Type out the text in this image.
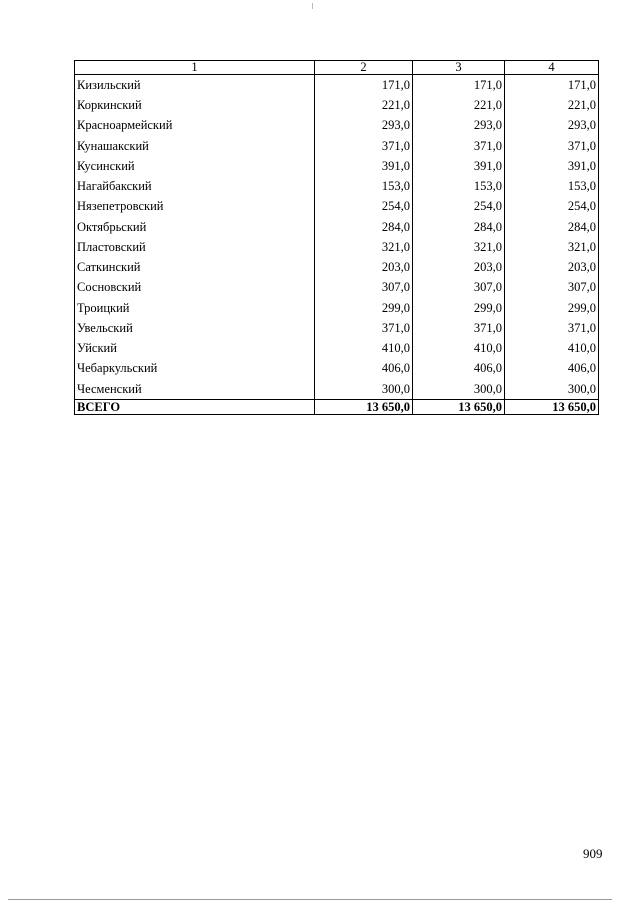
1	2	3	4
Кизильский	171,0	171,0	171,0
Коркинский	221,0	221,0	221,0
Красноармейский	293,0	293,0	293,0
Кунашакский	371,0	371,0	371,0
Кусинский	391,0	391,0	391,0
Нагайбакский	153,0	153,0	153,0
Нязепетровский	254,0	254,0	254,0
Октябрьский	284,0	284,0	284,0
Пластовский	321,0	321,0	321,0
Саткинский	203,0	203,0	203,0
Сосновский	307,0	307,0	307,0
Троицкий	299,0	299,0	299,0
Увельский	371,0	371,0	371,0
Уйский	410,0	410,0	410,0
Чебаркульский	406,0	406,0	406,0
Чесменский	300,0	300,0	300,0
ВСЕГО	13 650,0	13 650,0	13 650,0
909
